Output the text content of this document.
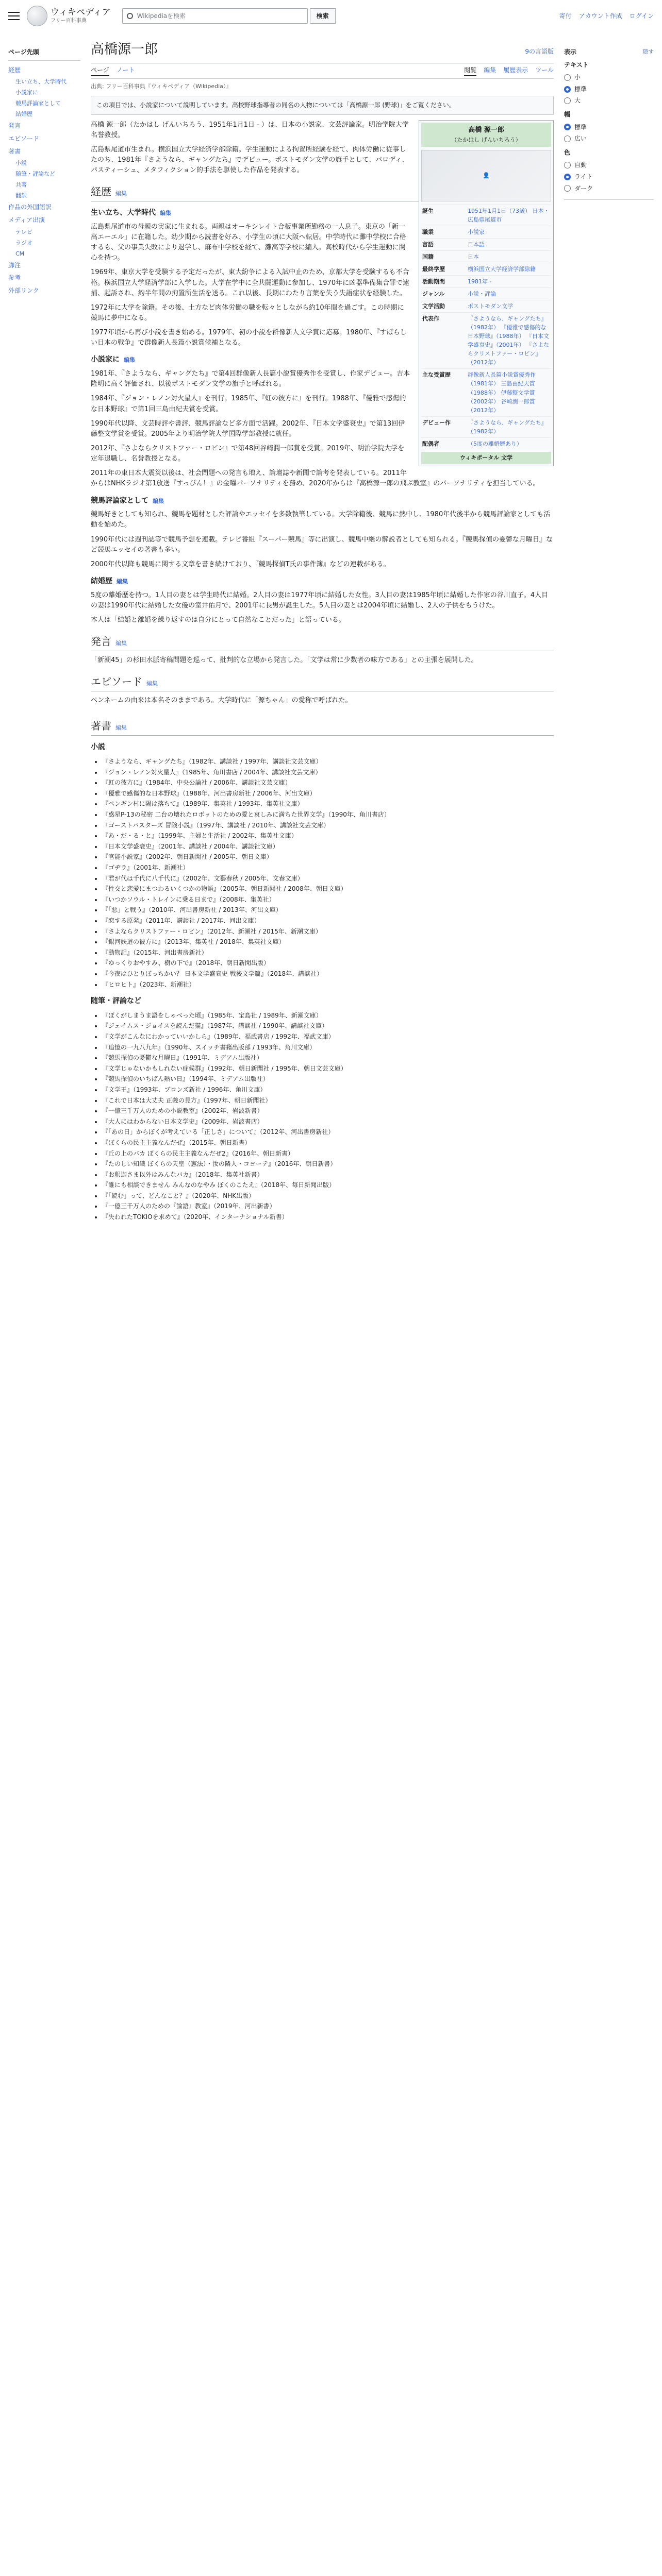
ウィキペディア
フリー百科事典
Wikipediaを検索	検索	寄付 アカウント作成 ログイン
ページ先頭
経歴
生い立ち、大学時代
小説家に
競馬評論家として
結婚歴
発言
エピソード
著書
小説
随筆・評論など
共著
翻訳
作品の外国語訳
メディア出演
テレビ
ラジオ
CM
脚注
参考
外部リンク
高橋源一郎	9の言語版
ページ ノート	閲覧 編集 履歴表示 ツール
出典: フリー百科事典『ウィキペディア（Wikipedia）』
この項目では、小説家について説明しています。高校野球指導者の同名の人物については「高橋源一郎 (野球)」をご覧ください。
高橋 源一郎
（たかはし げんいちろう）
👤
誕生	1951年1月1日（73歳） 日本・広島県尾道市
職業	小説家
言語	日本語
国籍	日本
最終学歴	横浜国立大学経済学部除籍
活動期間	1981年 -
ジャンル	小説・評論
文学活動	ポストモダン文学
代表作	『さようなら、ギャングたち』（1982年） 『優雅で感傷的な日本野球』（1988年） 『日本文学盛衰史』（2001年） 『さよならクリストファー・ロビン』（2012年）
主な受賞歴	群像新人長篇小説賞優秀作（1981年） 三島由紀夫賞（1988年） 伊藤整文学賞（2002年） 谷崎潤一郎賞（2012年）
デビュー作	『さようなら、ギャングたち』（1982年）
配偶者	（5度の離婚歴あり）
ウィキポータル 文学

高橋 源一郎（たかはし げんいちろう、1951年1月1日 - ）は、日本の小説家、文芸評論家。明治学院大学名誉教授。

広島県尾道市生まれ。横浜国立大学経済学部除籍。学生運動による拘置所経験を経て、肉体労働に従事したのち、1981年『さようなら、ギャングたち』でデビュー。ポストモダン文学の旗手として、パロディ、パスティーシュ、メタフィクション的手法を駆使した作品を発表する。

経歴 編集
生い立ち、大学時代 編集

広島県尾道市の母親の実家に生まれる。両親はオーキシレイト合板事業所勤務の一人息子。東京の「新一高エーエル」に在籍した。幼少期から読書を好み、小学生の頃に大阪へ転居。中学時代に灘中学校に合格するも、父の事業失敗により退学し、麻布中学校を経て、灘高等学校に編入。高校時代から学生運動に関心を持つ。

1969年、東京大学を受験する予定だったが、東大紛争による入試中止のため、京都大学を受験するも不合格。横浜国立大学経済学部に入学した。大学在学中に全共闘運動に参加し、1970年に凶器準備集合罪で逮捕、起訴され、約半年間の拘置所生活を送る。これ以後、長期にわたり言葉を失う失語症状を経験した。

1972年に大学を除籍。その後、土方など肉体労働の職を転々としながら約10年間を過ごす。この時期に競馬に夢中になる。

1977年頃から再び小説を書き始める。1979年、初の小説を群像新人文学賞に応募。1980年、『すばらしい日本の戦争』で群像新人長篇小説賞候補となる。

小説家に 編集

1981年、『さようなら、ギャングたち』で第4回群像新人長篇小説賞優秀作を受賞し、作家デビュー。吉本隆明に高く評価され、以後ポストモダン文学の旗手と呼ばれる。

1984年、『ジョン・レノン対火星人』を刊行。1985年、『虹の彼方に』を刊行。1988年、『優雅で感傷的な日本野球』で第1回三島由紀夫賞を受賞。

1990年代以降、文芸時評や書評、競馬評論など多方面で活躍。2002年、『日本文学盛衰史』で第13回伊藤整文学賞を受賞。2005年より明治学院大学国際学部教授に就任。

2012年、『さよならクリストファー・ロビン』で第48回谷崎潤一郎賞を受賞。2019年、明治学院大学を定年退職し、名誉教授となる。

2011年の東日本大震災以後は、社会問題への発言も増え、論壇誌や新聞で論考を発表している。2011年からはNHKラジオ第1放送『すっぴん！』の金曜パーソナリティを務め、2020年からは『高橋源一郎の飛ぶ教室』のパーソナリティを担当している。

競馬評論家として 編集

競馬好きとしても知られ、競馬を題材とした評論やエッセイを多数執筆している。大学除籍後、競馬に熱中し、1980年代後半から競馬評論家としても活動を始めた。

1990年代には週刊誌等で競馬予想を連載。テレビ番組『スーパー競馬』等に出演し、競馬中継の解説者としても知られる。『競馬探偵の憂鬱な月曜日』など競馬エッセイの著書も多い。

2000年代以降も競馬に関する文章を書き続けており、『競馬探偵T氏の事件簿』などの連載がある。

結婚歴 編集

5度の離婚歴を持つ。1人目の妻とは学生時代に結婚。2人目の妻は1977年頃に結婚した女性。3人目の妻は1985年頃に結婚した作家の谷川直子。4人目の妻は1990年代に結婚した女優の室井佑月で、2001年に長男が誕生した。5人目の妻とは2004年頃に結婚し、2人の子供をもうけた。

本人は「結婚と離婚を繰り返すのは自分にとって自然なことだった」と語っている。

発言 編集

「新潮45」の杉田水脈寄稿問題を巡って、批判的な立場から発言した。「文学は常に少数者の味方である」との主張を展開した。

エピソード 編集

ペンネームの由来は本名そのままである。大学時代に「源ちゃん」の愛称で呼ばれた。

著書 編集
小説
• 『さようなら、ギャングたち』（1982年、講談社 / 1997年、講談社文芸文庫）
• 『ジョン・レノン対火星人』（1985年、角川書店 / 2004年、講談社文芸文庫）
• 『虹の彼方に』（1984年、中央公論社 / 2006年、講談社文芸文庫）
• 『優雅で感傷的な日本野球』（1988年、河出書房新社 / 2006年、河出文庫）
• 『ペンギン村に陽は落ちて』（1989年、集英社 / 1993年、集英社文庫）
• 『惑星P-13の秘密 二台の壊れたロボットのための愛と哀しみに満ちた世界文学』（1990年、角川書店）
• 『ゴーストバスターズ 冒険小説』（1997年、講談社 / 2010年、講談社文芸文庫）
• 『あ・だ・る・と』（1999年、主婦と生活社 / 2002年、集英社文庫）
• 『日本文学盛衰史』（2001年、講談社 / 2004年、講談社文庫）
• 『官能小説家』（2002年、朝日新聞社 / 2005年、朝日文庫）
• 『ゴヂラ』（2001年、新潮社）
• 『君が代は千代に八千代に』（2002年、文藝春秋 / 2005年、文春文庫）
• 『性交と恋愛にまつわるいくつかの物語』（2005年、朝日新聞社 / 2008年、朝日文庫）
• 『いつかソウル・トレインに乗る日まで』（2008年、集英社）
• 『「悪」と戦う』（2010年、河出書房新社 / 2013年、河出文庫）
• 『恋する原発』（2011年、講談社 / 2017年、河出文庫）
• 『さよならクリストファー・ロビン』（2012年、新潮社 / 2015年、新潮文庫）
• 『銀河鉄道の彼方に』（2013年、集英社 / 2018年、集英社文庫）
• 『動物記』（2015年、河出書房新社）
• 『ゆっくりおやすみ、樹の下で』（2018年、朝日新聞出版）
• 『今夜はひとりぼっちかい？ 日本文学盛衰史 戦後文学篇』（2018年、講談社）
• 『ヒロヒト』（2023年、新潮社）
随筆・評論など
• 『ぼくがしまうま語をしゃべった頃』（1985年、宝島社 / 1989年、新潮文庫）
• 『ジェイムス・ジョイスを読んだ猫』（1987年、講談社 / 1990年、講談社文庫）
• 『文学がこんなにわかっていいかしら』（1989年、福武書店 / 1992年、福武文庫）
• 『追憶の一九八九年』（1990年、スイッチ書籍出版部 / 1993年、角川文庫）
• 『競馬探偵の憂鬱な月曜日』（1991年、ミデアム出版社）
• 『文学じゃないかもしれない症候群』（1992年、朝日新聞社 / 1995年、朝日文芸文庫）
• 『競馬探偵のいちばん熱い日』（1994年、ミデアム出版社）
• 『文学王』（1993年、ブロンズ新社 / 1996年、角川文庫）
• 『これで日本は大丈夫 正義の見方』（1997年、朝日新聞社）
• 『一億三千万人のための小説教室』（2002年、岩波新書）
• 『大人にはわからない日本文学史』（2009年、岩波書店）
• 『「あの日」からぼくが考えている「正しさ」について』（2012年、河出書房新社）
• 『ぼくらの民主主義なんだぜ』（2015年、朝日新書）
• 『丘の上のバカ ぼくらの民主主義なんだぜ2』（2016年、朝日新書）
• 『たのしい知識 ぼくらの天皇（憲法）・汝の隣人・コヨーテ』（2016年、朝日新書）
• 『お釈迦さま以外はみんなバカ』（2018年、集英社新書）
• 『誰にも相談できません みんなのなやみ ぼくのこたえ』（2018年、毎日新聞出版）
• 『「読む」って、どんなこと？』（2020年、NHK出版）
• 『一億三千万人のための『論語』教室』（2019年、河出新書）
• 『失われたTOKIOを求めて』（2020年、インターナショナル新書）
表示	隠す
テキスト
小
標準
大
幅
標準
広い
色
自動
ライト
ダーク
